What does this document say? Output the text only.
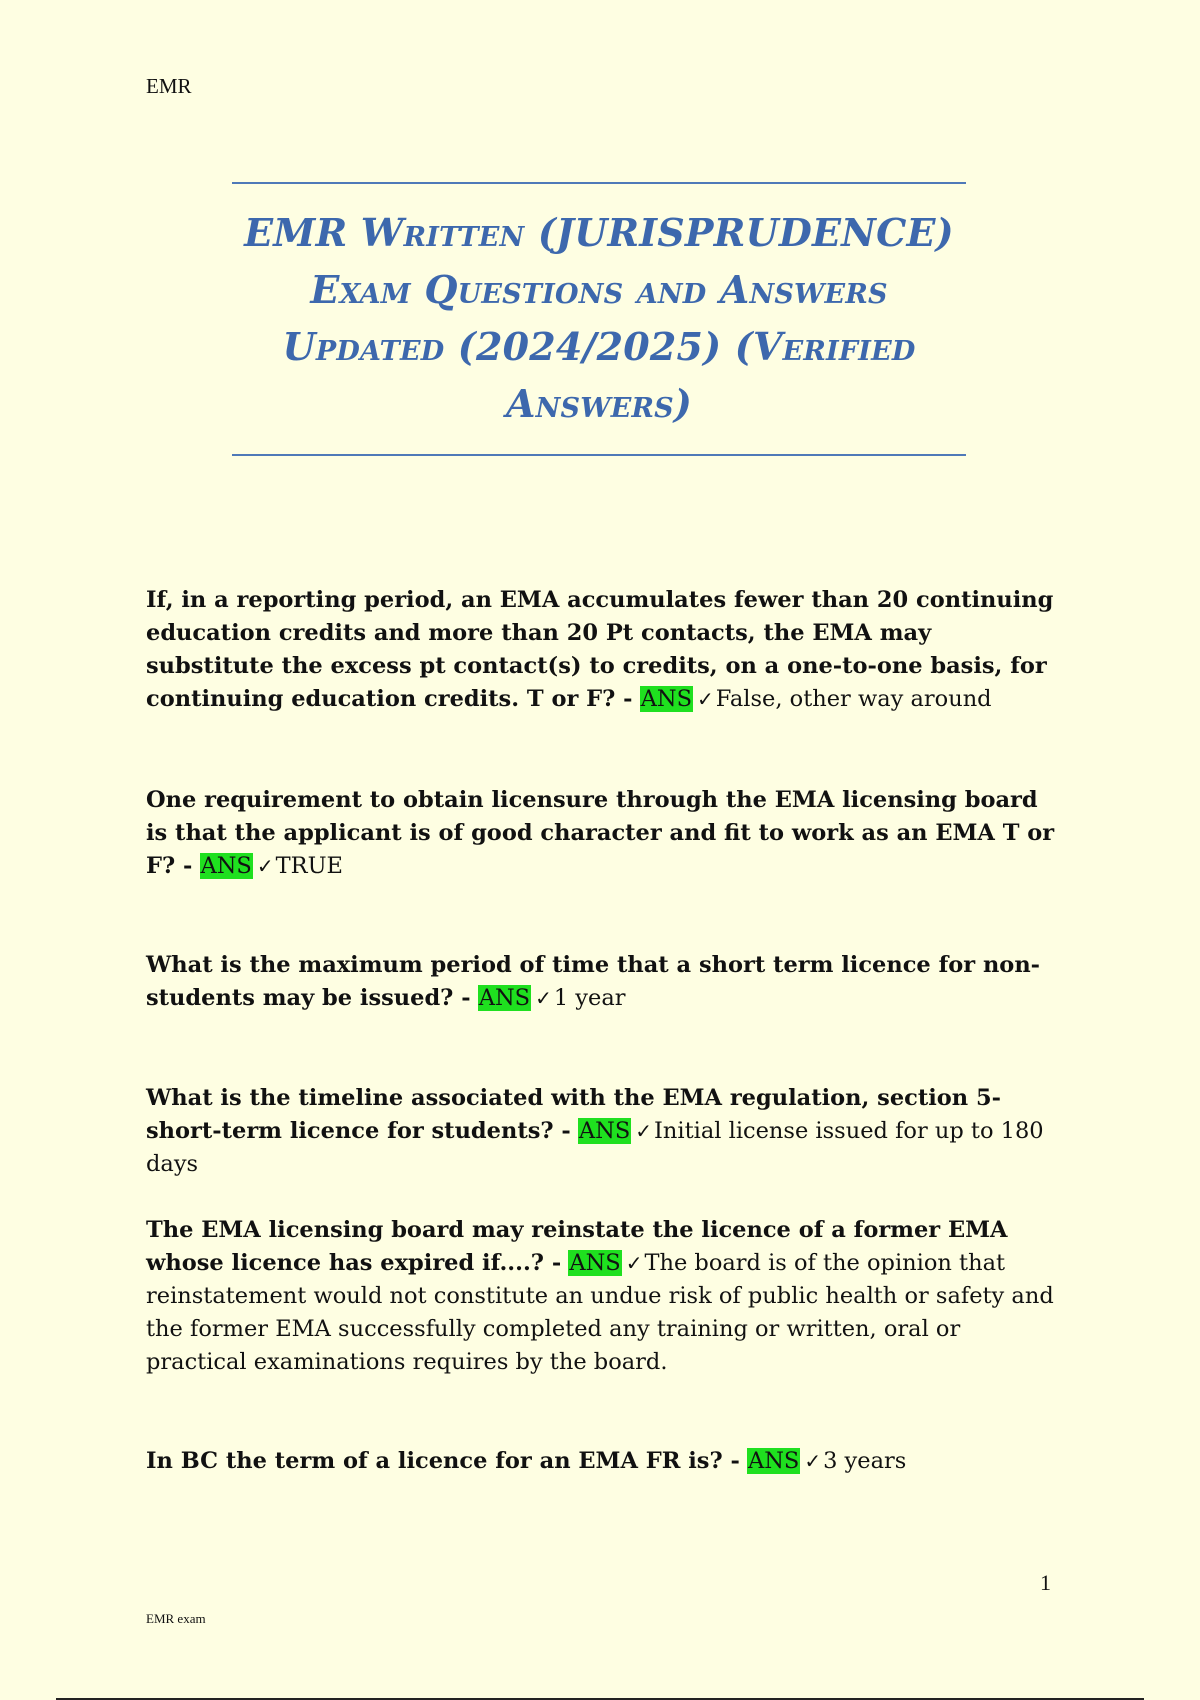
EMR
EMR Written (JURISPRUDENCE)
Exam Questions and Answers
Updated (2024/2025) (Verified
Answers)
If, in a reporting period, an EMA accumulates fewer than 20 continuing education credits and more than 20 Pt contacts, the EMA may substitute the excess pt contact(s) to credits, on a one-to-one basis, for continuing education credits. T or F? - ANS ✓False, other way around
One requirement to obtain licensure through the EMA licensing board is that the applicant is of good character and fit to work as an EMA T or F? - ANS ✓TRUE
What is the maximum period of time that a short term licence for non-students may be issued? - ANS ✓1 year
What is the timeline associated with the EMA regulation, section 5- short-term licence for students? - ANS ✓Initial license issued for up to 180 days
The EMA licensing board may reinstate the licence of a former EMA whose licence has expired if....? - ANS ✓The board is of the opinion that reinstatement would not constitute an undue risk of public health or safety and the former EMA successfully completed any training or written, oral or practical examinations requires by the board.
In BC the term of a licence for an EMA FR is? - ANS ✓3 years
1
EMR exam
